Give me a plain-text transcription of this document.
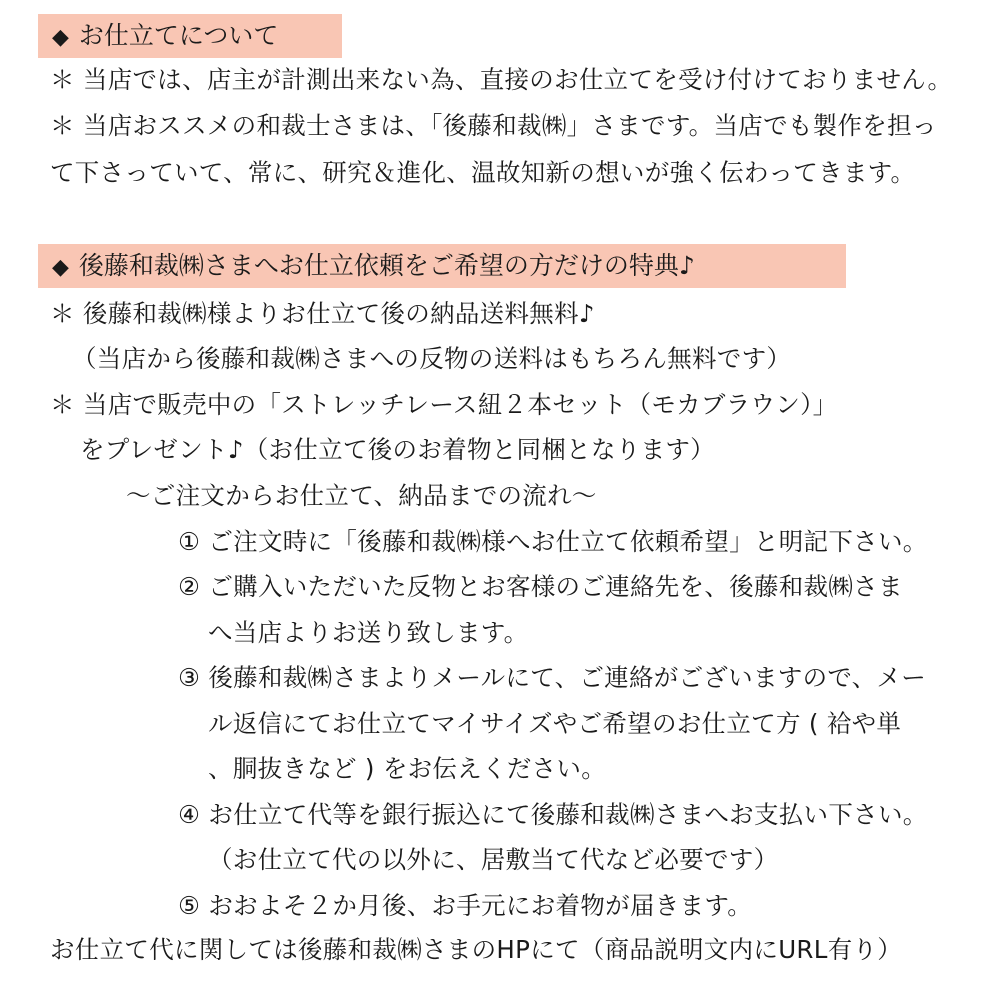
◆ お仕立てについて
＊ 当店では、店主が計測出来ない為、直接のお仕立てを受け付けておりません。
＊ 当店おススメの和裁士さまは、「後藤和裁㈱」さまです。当店でも製作を担っ
て下さっていて、常に、研究＆進化、温故知新の想いが強く伝わってきます。
◆ 後藤和裁㈱さまへお仕立依頼をご希望の方だけの特典♪
＊ 後藤和裁㈱様よりお仕立て後の納品送料無料♪
（当店から後藤和裁㈱さまへの反物の送料はもちろん無料です）
＊ 当店で販売中の「ストレッチレース紐２本セット（モカブラウン）」
をプレゼント♪（お仕立て後のお着物と同梱となります）
～ご注文からお仕立て、納品までの流れ～
① ご注文時に「後藤和裁㈱様へお仕立て依頼希望」と明記下さい。
② ご購入いただいた反物とお客様のご連絡先を、後藤和裁㈱さま
へ当店よりお送り致します。
③ 後藤和裁㈱さまよりメールにて、ご連絡がございますので、メー
ル返信にてお仕立てマイサイズやご希望のお仕立て方 ( 袷や単
、胴抜きなど ) をお伝えください。
④ お仕立て代等を銀行振込にて後藤和裁㈱さまへお支払い下さい。
（お仕立て代の以外に、居敷当て代など必要です）
⑤ おおよそ２か月後、お手元にお着物が届きます。
お仕立て代に関しては後藤和裁㈱さまのHPにて（商品説明文内にURL有り）
